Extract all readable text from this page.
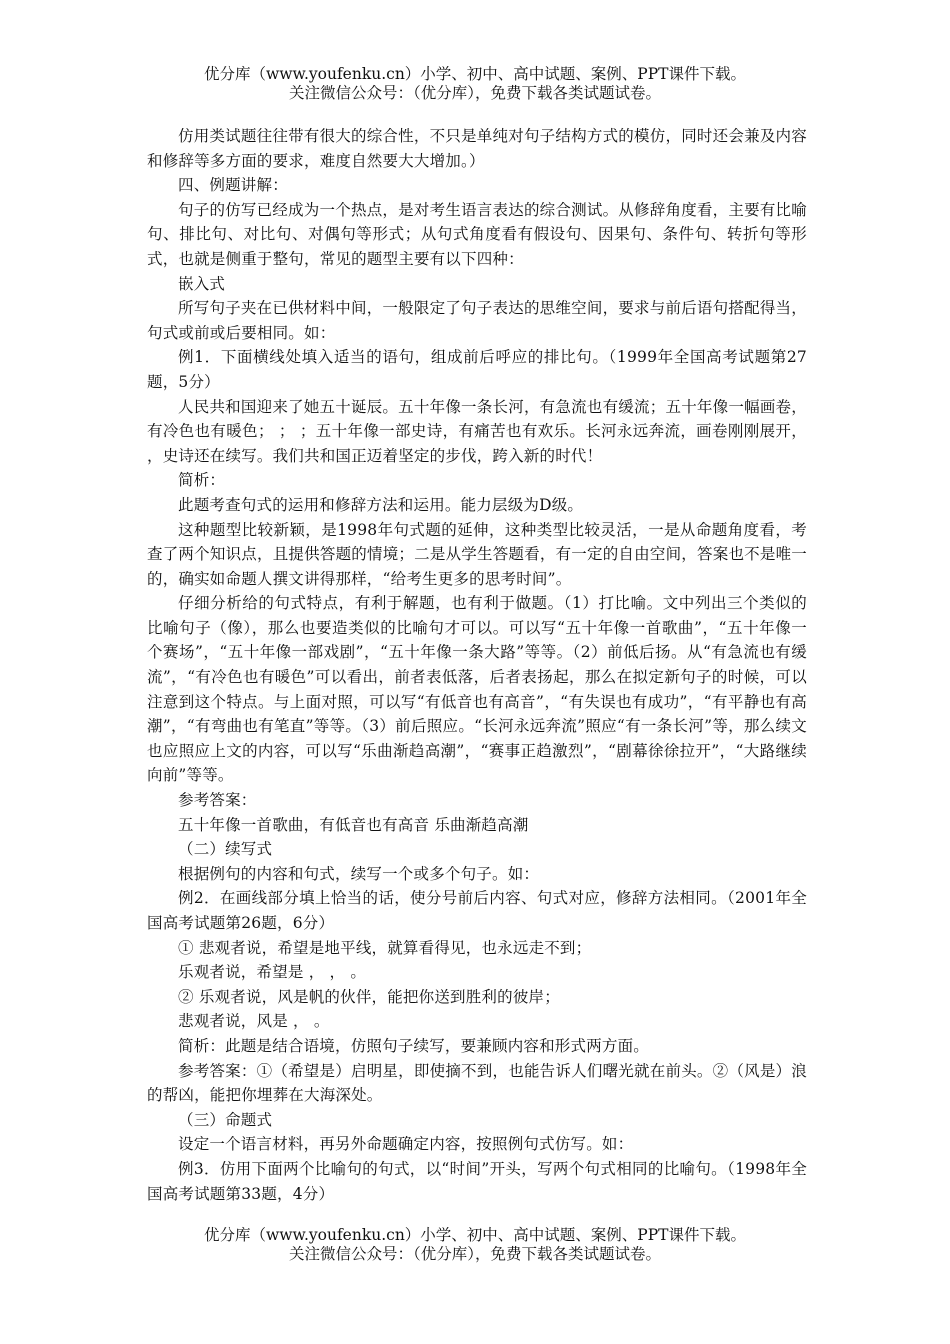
优分库（www.youfenku.cn）小学、初中、高中试题、案例、PPT课件下载。
关注微信公众号：（优分库），免费下载各类试题试卷。

仿用类试题往往带有很大的综合性，不只是单纯对句子结构方式的模仿，同时还会兼及内容和修辞等多方面的要求，难度自然要大大增加。）

四、例题讲解：

句子的仿写已经成为一个热点，是对考生语言表达的综合测试。从修辞角度看，主要有比喻句、排比句、对比句、对偶句等形式；从句式角度看有假设句、因果句、条件句、转折句等形式，也就是侧重于整句，常见的题型主要有以下四种：

嵌入式

所写句子夹在已供材料中间，一般限定了句子表达的思维空间，要求与前后语句搭配得当，句式或前或后要相同。如：

例1．下面横线处填入适当的语句，组成前后呼应的排比句。（1999年全国高考试题第27题，5分）

人民共和国迎来了她五十诞辰。五十年像一条长河，有急流也有缓流；五十年像一幅画卷，有冷色也有暖色； ； ；五十年像一部史诗，有痛苦也有欢乐。长河永远奔流，画卷刚刚展开， ，史诗还在续写。我们共和国正迈着坚定的步伐，跨入新的时代！

简析：

此题考查句式的运用和修辞方法和运用。能力层级为D级。

这种题型比较新颖，是1998年句式题的延伸，这种类型比较灵活，一是从命题角度看，考查了两个知识点，且提供答题的情境；二是从学生答题看，有一定的自由空间，答案也不是唯一的，确实如命题人撰文讲得那样，“给考生更多的思考时间”。

仔细分析给的句式特点，有利于解题，也有利于做题。（1）打比喻。文中列出三个类似的比喻句子（像），那么也要造类似的比喻句才可以。可以写“五十年像一首歌曲”，“五十年像一个赛场”，“五十年像一部戏剧”，“五十年像一条大路”等等。（2）前低后扬。从“有急流也有缓流”，“有冷色也有暖色”可以看出，前者表低落，后者表扬起，那么在拟定新句子的时候，可以注意到这个特点。与上面对照，可以写“有低音也有高音”，“有失误也有成功”，“有平静也有高潮”，“有弯曲也有笔直”等等。（3）前后照应。“长河永远奔流”照应“有一条长河”等，那么续文也应照应上文的内容，可以写“乐曲渐趋高潮”，“赛事正趋激烈”，“剧幕徐徐拉开”，“大路继续向前”等等。

参考答案：

五十年像一首歌曲，有低音也有高音 乐曲渐趋高潮

（二）续写式

根据例句的内容和句式，续写一个或多个句子。如：

例2．在画线部分填上恰当的话，使分号前后内容、句式对应，修辞方法相同。（2001年全国高考试题第26题，6分）

① 悲观者说，希望是地平线，就算看得见，也永远走不到；

乐观者说，希望是 ， ， 。

② 乐观者说，风是帆的伙伴，能把你送到胜利的彼岸；

悲观者说，风是 ， 。

简析：此题是结合语境，仿照句子续写，要兼顾内容和形式两方面。

参考答案：①（希望是）启明星，即使摘不到，也能告诉人们曙光就在前头。②（风是）浪的帮凶，能把你埋葬在大海深处。

（三）命题式

设定一个语言材料，再另外命题确定内容，按照例句式仿写。如：

例3．仿用下面两个比喻句的句式，以“时间”开头，写两个句式相同的比喻句。（1998年全国高考试题第33题，4分）

优分库（www.youfenku.cn）小学、初中、高中试题、案例、PPT课件下载。
关注微信公众号：（优分库），免费下载各类试题试卷。
